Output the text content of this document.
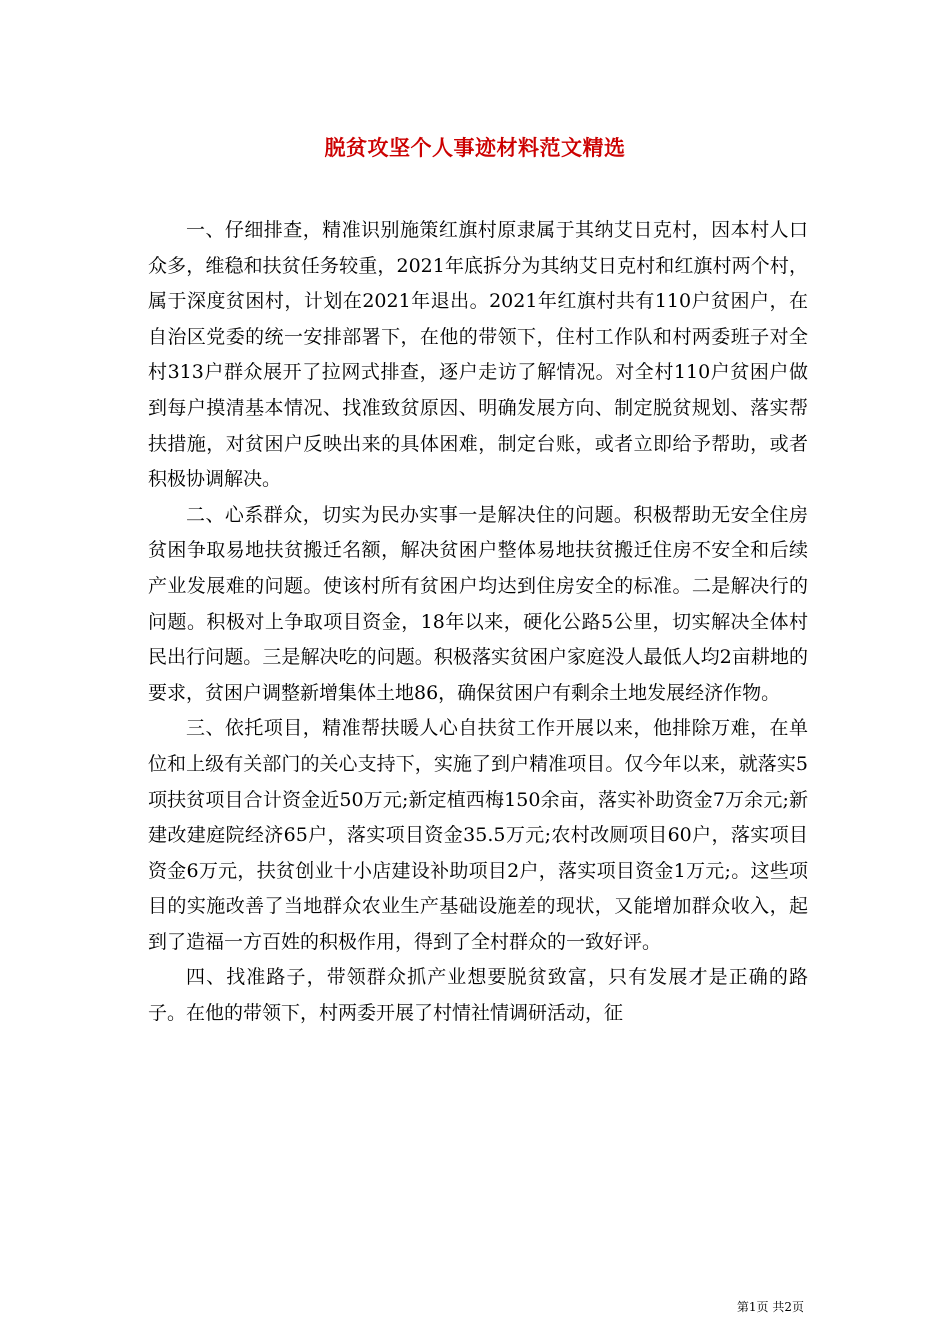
脱贫攻坚个人事迹材料范文精选

一、仔细排查，精准识别施策红旗村原隶属于其纳艾日克村，因本村人口众多，维稳和扶贫任务较重，2021年底拆分为其纳艾日克村和红旗村两个村，属于深度贫困村，计划在2021年退出。2021年红旗村共有110户贫困户，在自治区党委的统一安排部署下，在他的带领下，住村工作队和村两委班子对全村313户群众展开了拉网式排查，逐户走访了解情况。对全村110户贫困户做到每户摸清基本情况、找准致贫原因、明确发展方向、制定脱贫规划、落实帮扶措施，对贫困户反映出来的具体困难，制定台账，或者立即给予帮助，或者积极协调解决。

二、心系群众，切实为民办实事一是解决住的问题。积极帮助无安全住房贫困争取易地扶贫搬迁名额，解决贫困户整体易地扶贫搬迁住房不安全和后续产业发展难的问题。使该村所有贫困户均达到住房安全的标准。二是解决行的问题。积极对上争取项目资金，18年以来，硬化公路5公里，切实解决全体村民出行问题。三是解决吃的问题。积极落实贫困户家庭没人最低人均2亩耕地的要求，贫困户调整新增集体土地86，确保贫困户有剩余土地发展经济作物。

三、依托项目，精准帮扶暖人心自扶贫工作开展以来，他排除万难，在单位和上级有关部门的关心支持下，实施了到户精准项目。仅今年以来，就落实5项扶贫项目合计资金近50万元;新定植西梅150余亩，落实补助资金7万余元;新建改建庭院经济65户，落实项目资金35.5万元;农村改厕项目60户，落实项目资金6万元，扶贫创业十小店建设补助项目2户，落实项目资金1万元;。这些项目的实施改善了当地群众农业生产基础设施差的现状，又能增加群众收入，起到了造福一方百姓的积极作用，得到了全村群众的一致好评。

四、找准路子，带领群众抓产业想要脱贫致富，只有发展才是正确的路子。在他的带领下，村两委开展了村情社情调研活动，征

第1页 共2页
